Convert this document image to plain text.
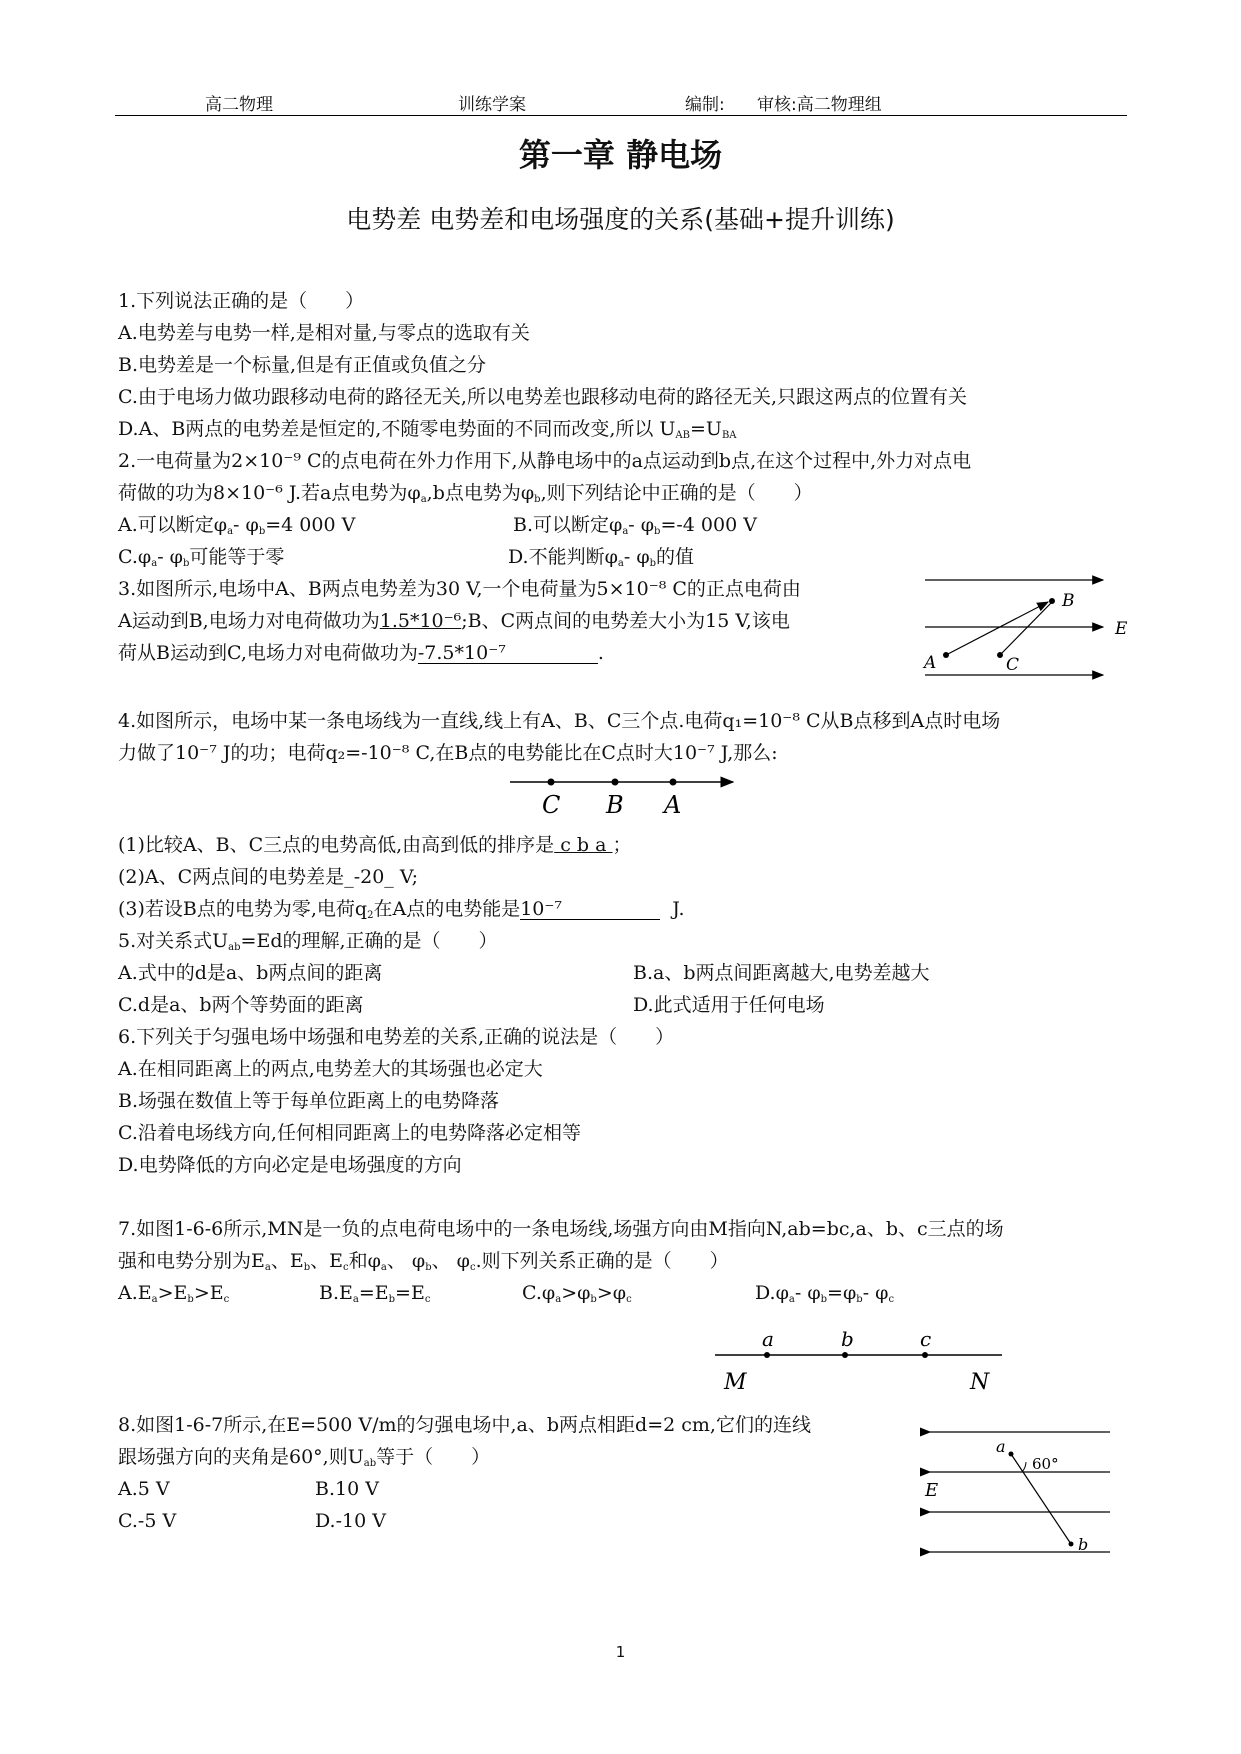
高二物理	训练学案	编制: 审核:高二物理组
第一章 静电场
电势差 电势差和电场强度的关系(基础+提升训练)
1.下列说法正确的是（　　）
A.电势差与电势一样,是相对量,与零点的选取有关
B.电势差是一个标量,但是有正值或负值之分
C.由于电场力做功跟移动电荷的路径无关,所以电势差也跟移动电荷的路径无关,只跟这两点的位置有关
D.A、B两点的电势差是恒定的,不随零电势面的不同而改变,所以 $U_{AB}=U_{BA}$
2.一电荷量为2×10⁻⁹ C的点电荷在外力作用下,从静电场中的a点运动到b点,在这个过程中,外力对点电
荷做的功为8×10⁻⁶ J.若a点电势为$\varphi_a,b$点电势为$\varphi_b$,则下列结论中正确的是（　　）
A.可以断定$\varphi_a-$ $\varphi_b=4$ 000 V	B.可以断定$\varphi_a-$ $\varphi_b=-4$ 000 V
$C.\varphi_a-$ $\varphi_b$可能等于零	D.不能判断$\varphi_a-$ $\varphi_b$的值
3.如图所示,电场中A、B两点电势差为30 V,一个电荷量为5×10⁻⁸ C的正点电荷由
A运动到B,电场力对电荷做功为1.5*10⁻⁶;B、C两点间的电势差大小为15 V,该电
荷从B运动到C,电场力对电荷做功为-7.5*10⁻⁷	.
B
E
A	C
4.如图所示，电场中某一条电场线为一直线,线上有A、B、C三个点.电荷q₁=10⁻⁸ C从B点移到A点时电场
力做了10⁻⁷ J的功；电荷q₂=-10⁻⁸ C,在B点的电势能比在C点时大10⁻⁷ J,那么:
C B A
(1)比较A、B、C三点的电势高低,由高到低的排序是 c b a ；
(2)A、C两点间的电势差是_-20_ V;
(3)若设B点的电势为零,电荷$q_2$在A点的电势能是10⁻⁷	J.
5.对关系式$U_{ab}=Ed$的理解,正确的是（　　）
A.式中的d是a、b两点间的距离	B.a、b两点间距离越大,电势差越大
C.d是a、b两个等势面的距离	D.此式适用于任何电场
6.下列关于匀强电场中场强和电势差的关系,正确的说法是（　　）
A.在相同距离上的两点,电势差大的其场强也必定大
B.场强在数值上等于每单位距离上的电势降落
C.沿着电场线方向,任何相同距离上的电势降落必定相等
D.电势降低的方向必定是电场强度的方向
7.如图1-6-6所示,MN是一负的点电荷电场中的一条电场线,场强方向由M指向N,ab=bc,a、b、c三点的场
强和电势分别为$E_a$、$E_b$、$E_c$和$\varphi_a$、 $\varphi_b$、 $\varphi_c$.则下列关系正确的是（　　）
$A.E_a>E_b>E_c$	$B.E_a=E_b=E_c$	$C.\varphi_a>\varphi_b>\varphi_c$	$D.\varphi_a-$ $\varphi_b=\varphi_b-$ $\varphi_c$
a	b	c
M	N
8.如图1-6-7所示,在E=500 V/m的匀强电场中,a、b两点相距d=2 cm,它们的连线
跟场强方向的夹角是60°,则$U_{ab}$等于（　　）
A.5 V	B.10 V
C.-5 V	D.-10 V
a
60°
E
b
1
